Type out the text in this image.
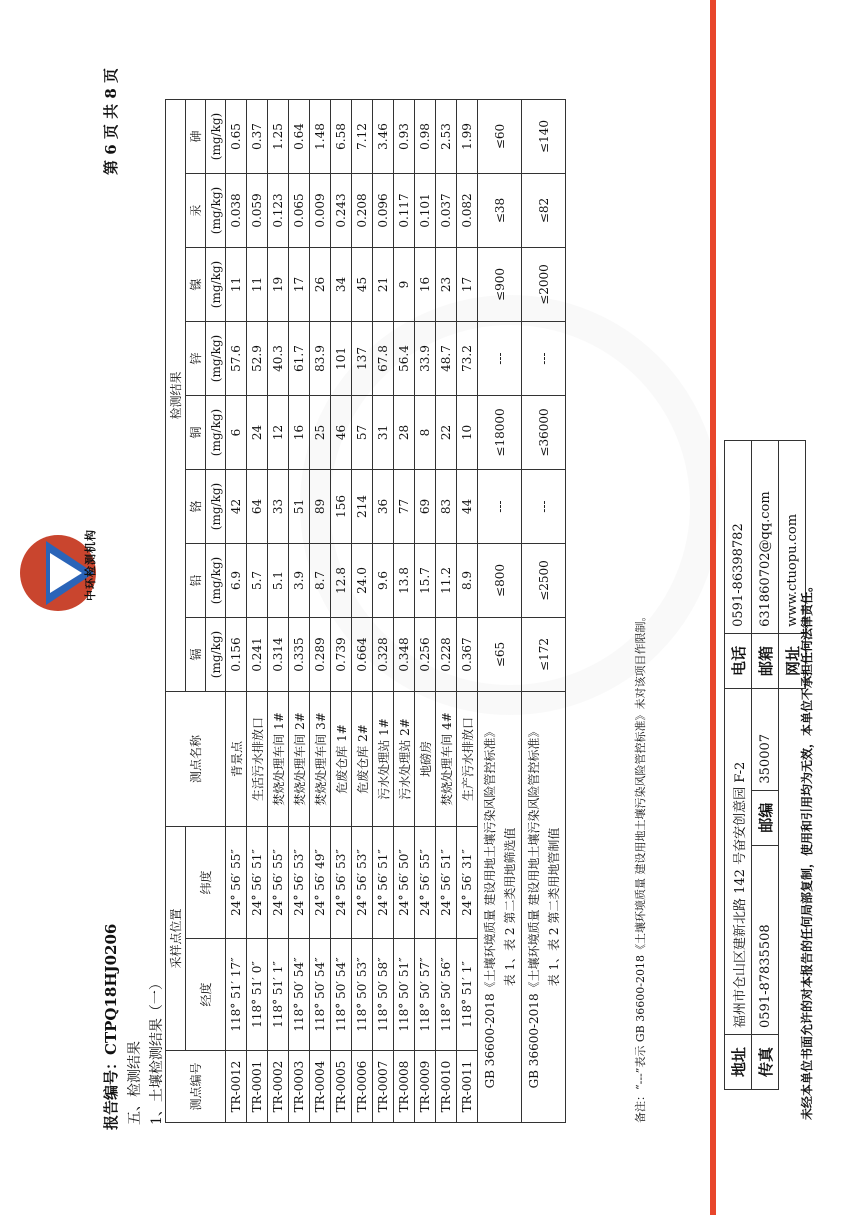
报告编号：CTPQ18HJ0206
第 6 页 共 8 页
中环检测机构
五、检测结果 1、土壤检测结果（一） 测点编号	采样点位置		测点名称	检测结果							
	经度	纬度		镉	铅	铬	铜	锌	镍	汞	砷
				(mg/kg)	(mg/kg)	(mg/kg)	(mg/kg)	(mg/kg)	(mg/kg)	(mg/kg)	(mg/kg)
TR-0012	118° 51′ 17″	24° 56′ 55″	背景点	0.156	6.9	42	6	57.6	11	0.038	0.65
TR-0001	118° 51′ 0″	24° 56′ 51″	生活污水排放口	0.241	5.7	64	24	52.9	11	0.059	0.37
TR-0002	118° 51′ 1″	24° 56′ 55″	焚烧处理车间 1#	0.314	5.1	33	12	40.3	19	0.123	1.25
TR-0003	118° 50′ 54″	24° 56′ 53″	焚烧处理车间 2#	0.335	3.9	51	16	61.7	17	0.065	0.64
TR-0004	118° 50′ 54″	24° 56′ 49″	焚烧处理车间 3#	0.289	8.7	89	25	83.9	26	0.009	1.48
TR-0005	118° 50′ 54″	24° 56′ 53″	危废仓库 1#	0.739	12.8	156	46	101	34	0.243	6.58
TR-0006	118° 50′ 53″	24° 56′ 53″	危废仓库 2#	0.664	24.0	214	57	137	45	0.208	7.12
TR-0007	118° 50′ 58″	24° 56′ 51″	污水处理站 1#	0.328	9.6	36	31	67.8	21	0.096	3.46
TR-0008	118° 50′ 51″	24° 56′ 50″	污水处理站 2#	0.348	13.8	77	28	56.4	9	0.117	0.93
TR-0009	118° 50′ 57″	24° 56′ 55″	地磅房	0.256	15.7	69	8	33.9	16	0.101	0.98
TR-0010	118° 50′ 56″	24° 56′ 51″	焚烧处理车间 4#	0.228	11.2	83	22	48.7	23	0.037	2.53
TR-0011	118° 51′ 1″	24° 56′ 31″	生产污水排放口	0.367	8.9	44	10	73.2	17	0.082	1.99

GB 36600-2018《土壤环境质量 建设用地土壤污染风险管控标准》 表 1、表 2 第二类用地筛选值				≤65	≤800	---	≤18000	---	≤900	≤38	≤60

GB 36600-2018《土壤环境质量 建设用地土壤污染风险管控标准》 表 1、表 2 第二类用地管制值				≤172	≤2500	---	≤36000	---	≤2000	≤82	≤140
备注：“---”表示 GB 36600-2018《土壤环境质量 建设用地土壤污染风险管控标准》未对该项目作限制。	地址	福州市仓山区建新北路 142 号奋安创意园 F-2			电话	0591-86398782
传真	0591-87835508	邮编	350007	邮箱	631860702@qq.com
				网址	www.ctuopu.com
未经本单位书面允许的对本报告的任何局部复制，使用和引用均为无效，本单位不承担任何法律责任。
